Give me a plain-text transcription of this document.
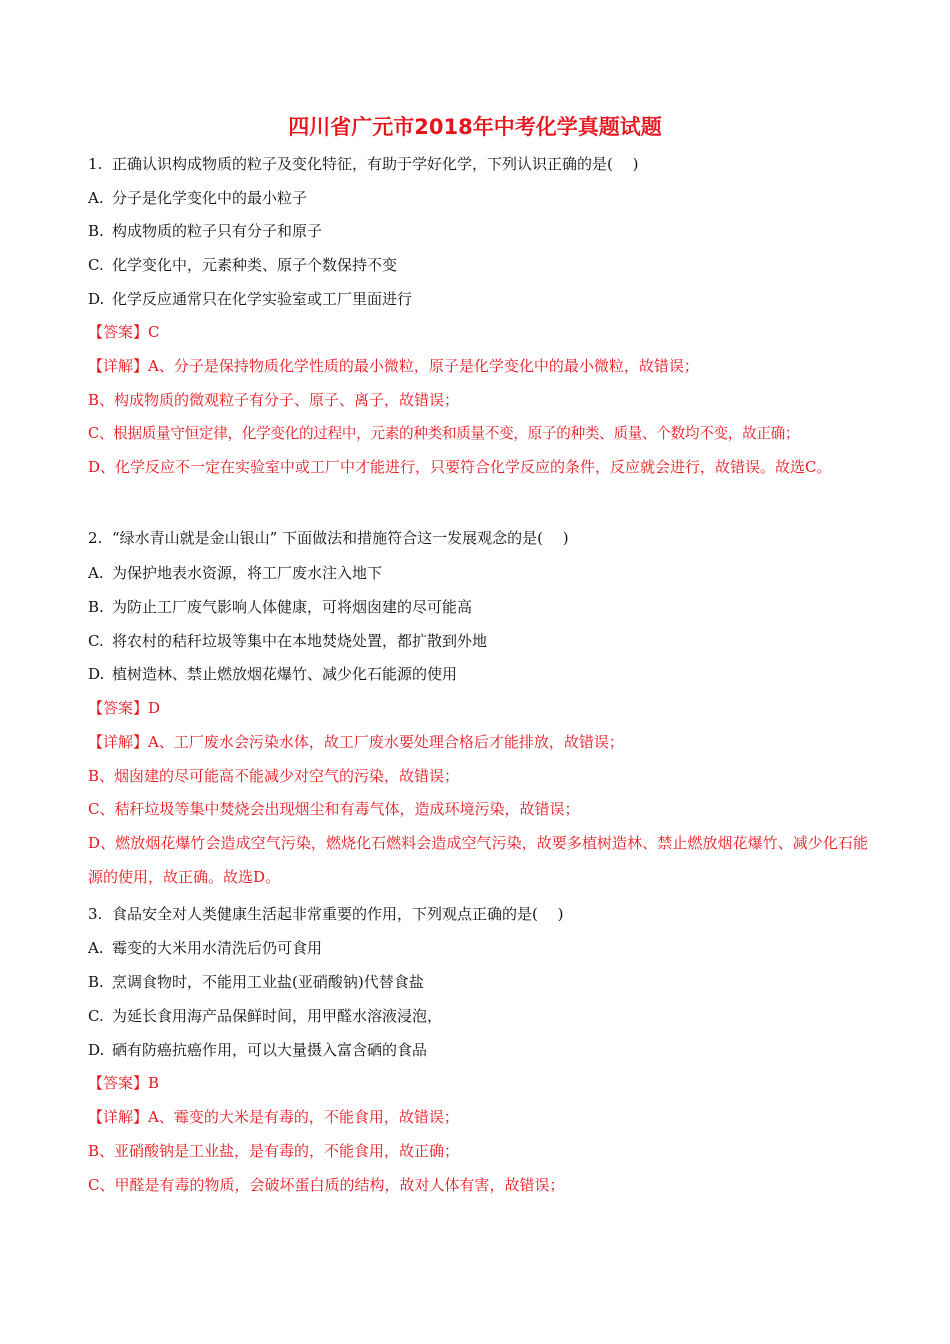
四川省广元市2018年中考化学真题试题
1. 正确认识构成物质的粒子及变化特征，有助于学好化学，下列认识正确的是(　 )
A. 分子是化学变化中的最小粒子
B. 构成物质的粒子只有分子和原子
C. 化学变化中，元素种类、原子个数保持不变
D. 化学反应通常只在化学实验室或工厂里面进行
【答案】C
【详解】A、分子是保持物质化学性质的最小微粒，原子是化学变化中的最小微粒，故错误；
B、构成物质的微观粒子有分子、原子、离子，故错误；
C、根据质量守恒定律，化学变化的过程中，元素的种类和质量不变，原子的种类、质量、个数均不变，故正确；
D、化学反应不一定在实验室中或工厂中才能进行，只要符合化学反应的条件，反应就会进行，故错误。故选C。
2. “绿水青山就是金山银山” 下面做法和措施符合这一发展观念的是(　 )
A. 为保护地表水资源，将工厂废水注入地下
B. 为防止工厂废气影响人体健康，可将烟囱建的尽可能高
C. 将农村的秸秆垃圾等集中在本地焚烧处置，都扩散到外地
D. 植树造林、禁止燃放烟花爆竹、减少化石能源的使用
【答案】D
【详解】A、工厂废水会污染水体，故工厂废水要处理合格后才能排放，故错误；
B、烟囱建的尽可能高不能减少对空气的污染，故错误；
C、秸秆垃圾等集中焚烧会出现烟尘和有毒气体，造成环境污染，故错误；
D、燃放烟花爆竹会造成空气污染，燃烧化石燃料会造成空气污染，故要多植树造林、禁止燃放烟花爆竹、减少化石能源的使用，故正确。故选D。
3. 食品安全对人类健康生活起非常重要的作用，下列观点正确的是(　 )
A. 霉变的大米用水清洗后仍可食用
B. 烹调食物时，不能用工业盐(亚硝酸钠)代替食盐
C. 为延长食用海产品保鲜时间，用甲醛水溶液浸泡，
D. 硒有防癌抗癌作用，可以大量摄入富含硒的食品
【答案】B
【详解】A、霉变的大米是有毒的，不能食用，故错误；
B、亚硝酸钠是工业盐，是有毒的，不能食用，故正确；
C、甲醛是有毒的物质，会破坏蛋白质的结构，故对人体有害，故错误；
